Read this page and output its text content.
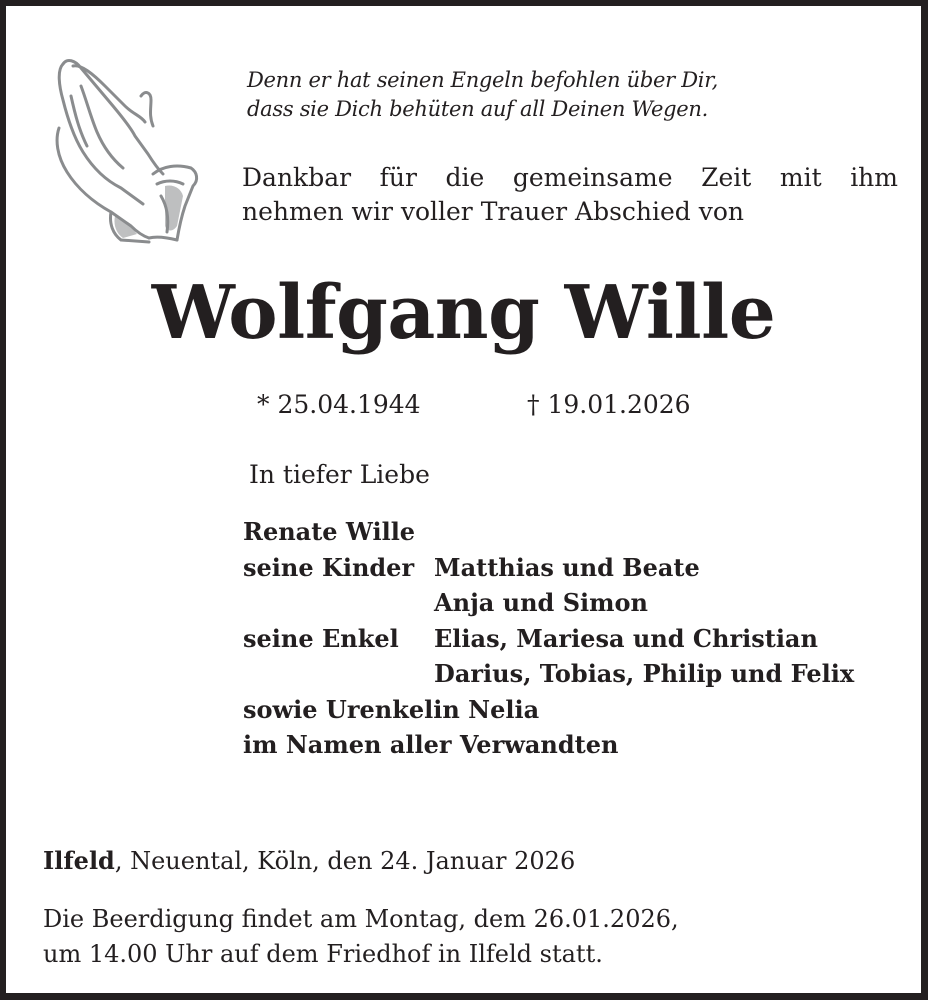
Denn er hat seinen Engeln befohlen über Dir,
dass sie Dich behüten auf all Deinen Wegen.
Dankbar für die gemeinsame Zeit mit ihm
nehmen wir voller Trauer Abschied von
Wolfgang Wille
* 25.04.1944	† 19.01.2026
In tiefer Liebe
Renate Wille
seine Kinder Matthias und Beate
Anja und Simon
seine Enkel	Elias, Mariesa und Christian
Darius, Tobias, Philip und Felix
sowie Urenkelin Nelia
im Namen aller Verwandten
Ilfeld, Neuental, Köln, den 24. Januar 2026
Die Beerdigung findet am Montag, dem 26.01.2026,
um 14.00 Uhr auf dem Friedhof in Ilfeld statt.
